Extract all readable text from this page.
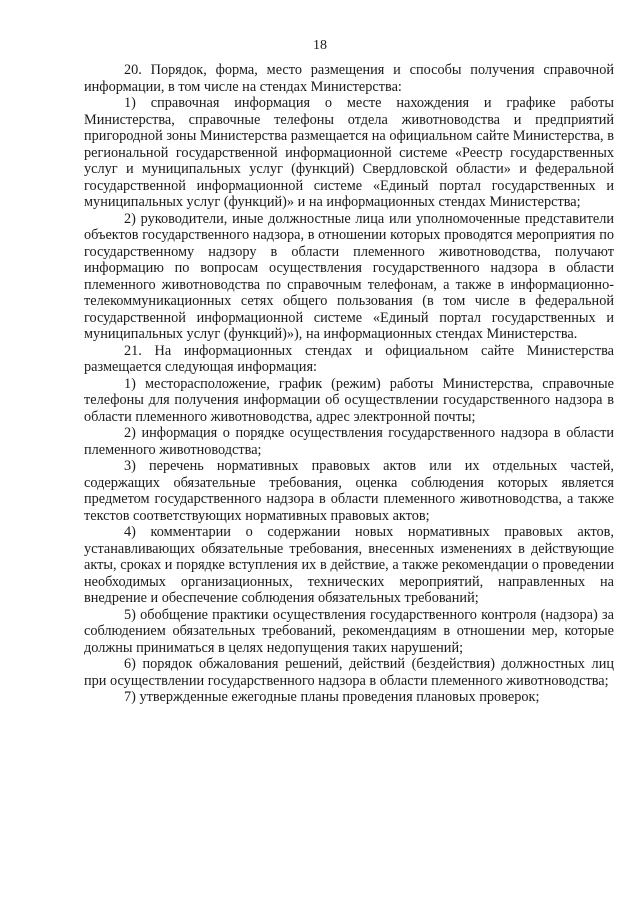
18

20. Порядок, форма, место размещения и способы получения справочной информации, в том числе на стендах Министерства:

1) справочная информация о месте нахождения и графике работы Министерства, справочные телефоны отдела животноводства и предприятий пригородной зоны Министерства размещается на официальном сайте Министерства, в региональной государственной информационной системе «Реестр государственных услуг и муниципальных услуг (функций) Свердловской области» и федеральной государственной информационной системе «Единый портал государственных и муниципальных услуг (функций)» и на информационных стендах Министерства;

2) руководители, иные должностные лица или уполномоченные представители объектов государственного надзора, в отношении которых проводятся мероприятия по государственному надзору в области племенного животноводства, получают информацию по вопросам осуществления государственного надзора в области племенного животноводства по справочным телефонам, а также в информационно-телекоммуникационных сетях общего пользования (в том числе в федеральной государственной информационной системе «Единый портал государственных и муниципальных услуг (функций)»), на информационных стендах Министерства.

21. На информационных стендах и официальном сайте Министерства размещается следующая информация:

1) месторасположение, график (режим) работы Министерства, справочные телефоны для получения информации об осуществлении государственного надзора в области племенного животноводства, адрес электронной почты;

2) информация о порядке осуществления государственного надзора в области племенного животноводства;

3) перечень нормативных правовых актов или их отдельных частей, содержащих обязательные требования, оценка соблюдения которых является предметом государственного надзора в области племенного животноводства, а также текстов соответствующих нормативных правовых актов;

4) комментарии о содержании новых нормативных правовых актов, устанавливающих обязательные требования, внесенных изменениях в действующие акты, сроках и порядке вступления их в действие, а также рекомендации о проведении необходимых организационных, технических мероприятий, направленных на внедрение и обеспечение соблюдения обязательных требований;

5) обобщение практики осуществления государственного контроля (надзора) за соблюдением обязательных требований, рекомендациям в отношении мер, которые должны приниматься в целях недопущения таких нарушений;

6) порядок обжалования решений, действий (бездействия) должностных лиц при осуществлении государственного надзора в области племенного животноводства;

7) утвержденные ежегодные планы проведения плановых проверок;
